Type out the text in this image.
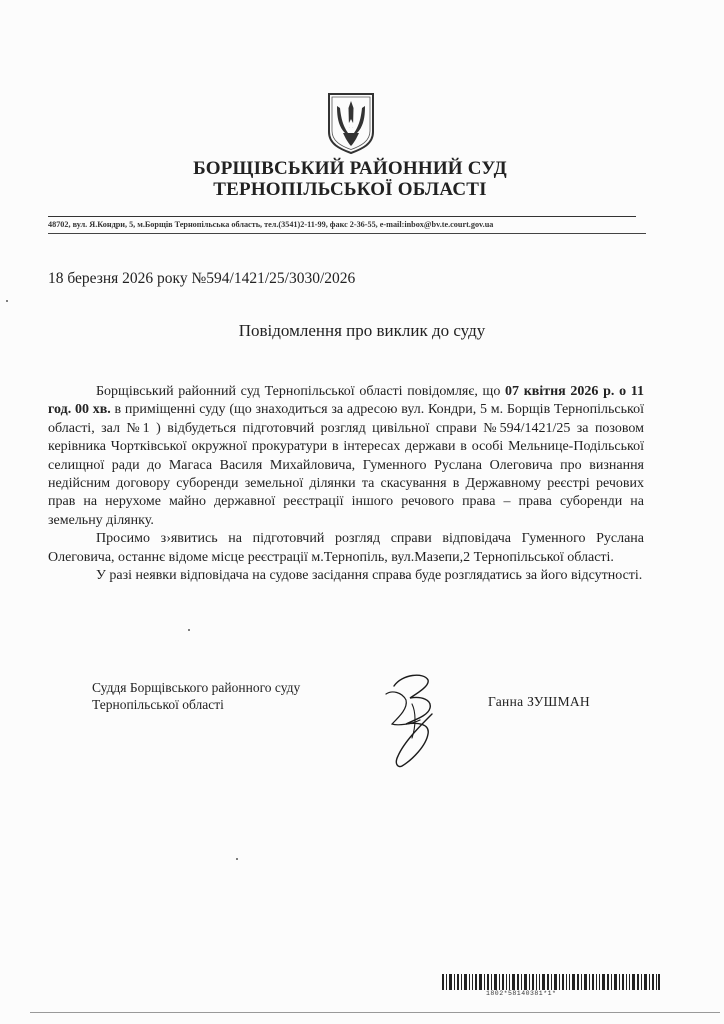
БОРЩІВСЬКИЙ РАЙОННИЙ СУД
ТЕРНОПІЛЬСЬКОЇ ОБЛАСТІ
48702, вул. Я.Кондри, 5, м.Борщів Тернопільська область, тел.(3541)2-11-99, факс 2-36-55, e-mail:inbox@bv.te.court.gov.ua
18 березня 2026 року №594/1421/25/3030/2026
Повідомлення про виклик до суду

Борщівський районний суд Тернопільської області повідомляє, що 07 квітня 2026 р. о 11 год. 00 хв. в приміщенні суду (що знаходиться за адресою вул. Кондри, 5 м. Борщів Тернопільської області, зал №1 ) відбудеться підготовчий розгляд цивільної справи №594/1421/25 за позовом керівника Чортківської окружної прокуратури в інтересах держави в особі Мельнице-Подільської селищної ради до Магаса Василя Михайловича, Гуменного Руслана Олеговича про визнання недійсним договору суборенди земельної ділянки та скасування в Державному реєстрі речових прав на нерухоме майно державної реєстрації іншого речового права – права суборенди на земельну ділянку.

Просимо з›явитись на підготовчий розгляд справи відповідача Гуменного Руслана Олеговича, останнє відоме місце реєстрації м.Тернопіль, вул.Мазепи,2 Тернопільської області.

У разі неявки відповідача на судове засідання справа буде розглядатись за його відсутності.

Суддя Борщівського районного суду
Тернопільської області	Ганна ЗУШМАН
1802*58140381*1*
